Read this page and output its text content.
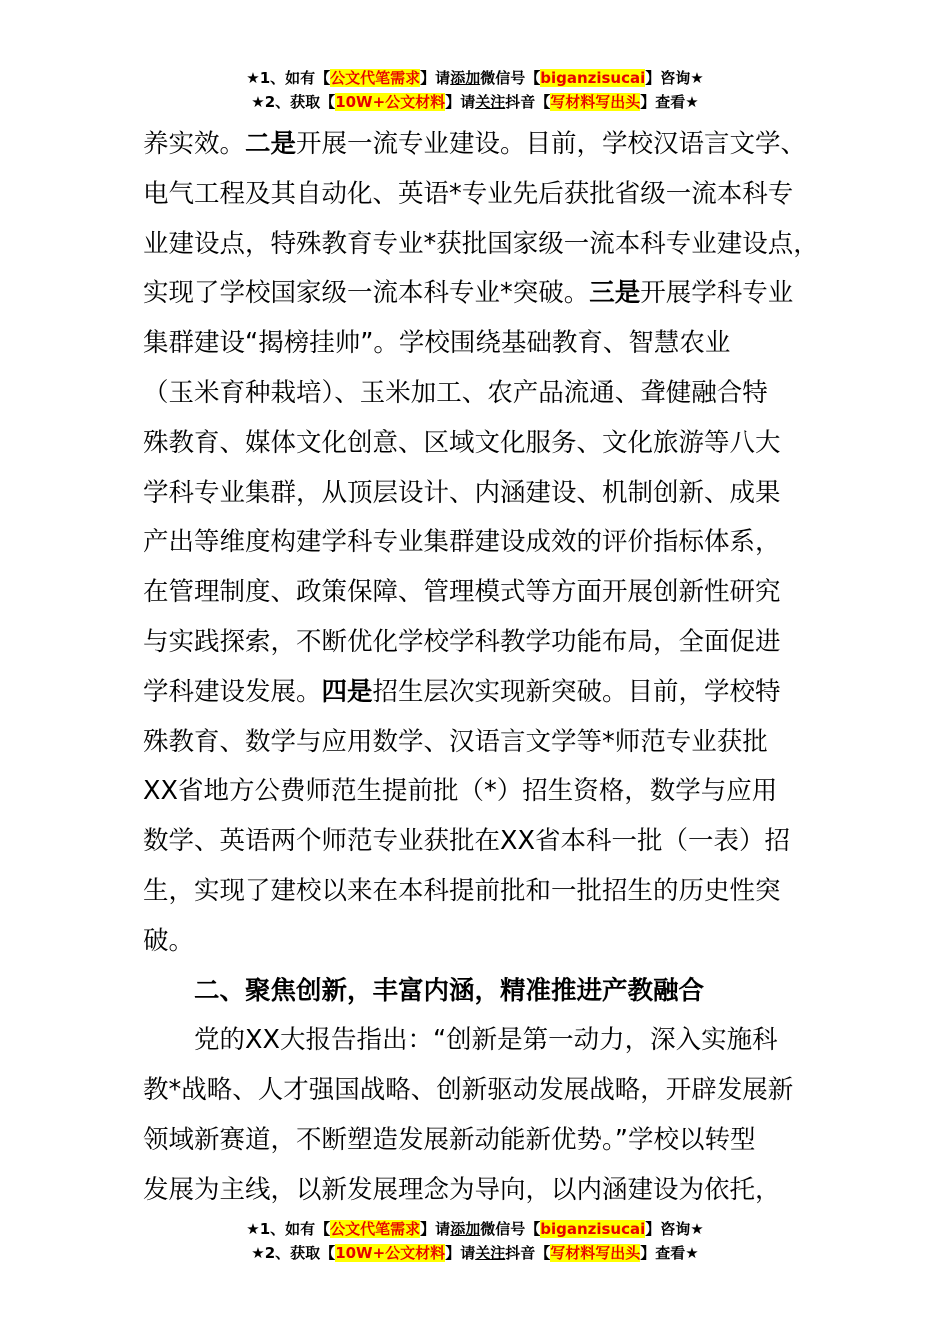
★1、如有【公文代笔需求】请添加微信号【biganzisucai】咨询★
★2、获取【10W+公文材料】请关注抖音【写材料写出头】查看★

养实效。二是开展一流专业建设。目前，学校汉语言文学、
电气工程及其自动化、英语*专业先后获批省级一流本科专
业建设点，特殊教育专业*获批国家级一流本科专业建设点，
实现了学校国家级一流本科专业*突破。三是开展学科专业
集群建设“揭榜挂帅”。学校围绕基础教育、智慧农业
（玉米育种栽培）、玉米加工、农产品流通、聋健融合特
殊教育、媒体文化创意、区域文化服务、文化旅游等八大
学科专业集群，从顶层设计、内涵建设、机制创新、成果
产出等维度构建学科专业集群建设成效的评价指标体系，
在管理制度、政策保障、管理模式等方面开展创新性研究
与实践探索，不断优化学校学科教学功能布局，全面促进
学科建设发展。四是招生层次实现新突破。目前，学校特
殊教育、数学与应用数学、汉语言文学等*师范专业获批
XX省地方公费师范生提前批（*）招生资格，数学与应用
数学、英语两个师范专业获批在XX省本科一批（一表）招
生，实现了建校以来在本科提前批和一批招生的历史性突
破。

二、聚焦创新，丰富内涵，精准推进产教融合

党的XX大报告指出：“创新是第一动力，深入实施科
教*战略、人才强国战略、创新驱动发展战略，开辟发展新
领域新赛道，不断塑造发展新动能新优势。”学校以转型
发展为主线，以新发展理念为导向，以内涵建设为依托，

★1、如有【公文代笔需求】请添加微信号【biganzisucai】咨询★
★2、获取【10W+公文材料】请关注抖音【写材料写出头】查看★
